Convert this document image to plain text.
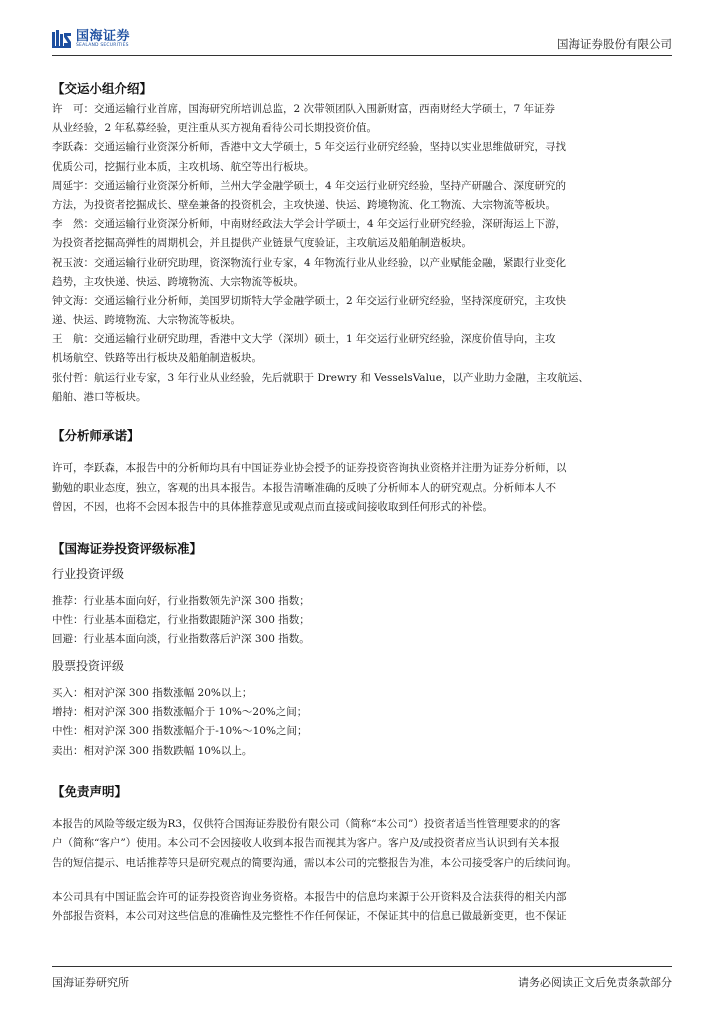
国海证券
SEALAND SECURITIES	国海证券股份有限公司
【交运小组介绍】
许　可：交通运输行业首席，国海研究所培训总监，2 次带领团队入围新财富，西南财经大学硕士，7 年证券
从业经验，2 年私募经验，更注重从买方视角看待公司长期投资价值。
李跃森：交通运输行业资深分析师，香港中文大学硕士，5 年交运行业研究经验，坚持以实业思维做研究，寻找
优质公司，挖掘行业本质，主攻机场、航空等出行板块。
周延宇：交通运输行业资深分析师，兰州大学金融学硕士，4 年交运行业研究经验，坚持产研融合、深度研究的
方法，为投资者挖掘成长、壁垒兼备的投资机会，主攻快递、快运、跨境物流、化工物流、大宗物流等板块。
李　然：交通运输行业资深分析师，中南财经政法大学会计学硕士，4 年交运行业研究经验，深研海运上下游，
为投资者挖掘高弹性的周期机会，并且提供产业链景气度验证，主攻航运及船舶制造板块。
祝玉波：交通运输行业研究助理，资深物流行业专家，4 年物流行业从业经验，以产业赋能金融，紧跟行业变化
趋势，主攻快递、快运、跨境物流、大宗物流等板块。
钟文海：交通运输行业分析师，美国罗切斯特大学金融学硕士，2 年交运行业研究经验，坚持深度研究，主攻快
递、快运、跨境物流、大宗物流等板块。
王　航：交通运输行业研究助理，香港中文大学（深圳）硕士，1 年交运行业研究经验，深度价值导向，主攻
机场航空、铁路等出行板块及船舶制造板块。
张付哲：航运行业专家，3 年行业从业经验，先后就职于 Drewry 和 VesselsValue，以产业助力金融，主攻航运、
船舶、港口等板块。
【分析师承诺】
许可，李跃森，本报告中的分析师均具有中国证券业协会授予的证券投资咨询执业资格并注册为证券分析师，以
勤勉的职业态度，独立，客观的出具本报告。本报告清晰准确的反映了分析师本人的研究观点。分析师本人不
曾因，不因，也将不会因本报告中的具体推荐意见或观点而直接或间接收取到任何形式的补偿。
【国海证券投资评级标准】
行业投资评级
推荐：行业基本面向好，行业指数领先沪深 300 指数；
中性：行业基本面稳定，行业指数跟随沪深 300 指数；
回避：行业基本面向淡，行业指数落后沪深 300 指数。
股票投资评级
买入：相对沪深 300 指数涨幅 20%以上；
增持：相对沪深 300 指数涨幅介于 10%～20%之间；
中性：相对沪深 300 指数涨幅介于-10%～10%之间；
卖出：相对沪深 300 指数跌幅 10%以上。
【免责声明】
本报告的风险等级定级为R3，仅供符合国海证券股份有限公司（简称“本公司”）投资者适当性管理要求的的客
户（简称“客户”）使用。本公司不会因接收人收到本报告而视其为客户。客户及/或投资者应当认识到有关本报
告的短信提示、电话推荐等只是研究观点的简要沟通，需以本公司的完整报告为准，本公司接受客户的后续问询。
本公司具有中国证监会许可的证券投资咨询业务资格。本报告中的信息均来源于公开资料及合法获得的相关内部
外部报告资料，本公司对这些信息的准确性及完整性不作任何保证，不保证其中的信息已做最新变更，也不保证
国海证券研究所	请务必阅读正文后免责条款部分
